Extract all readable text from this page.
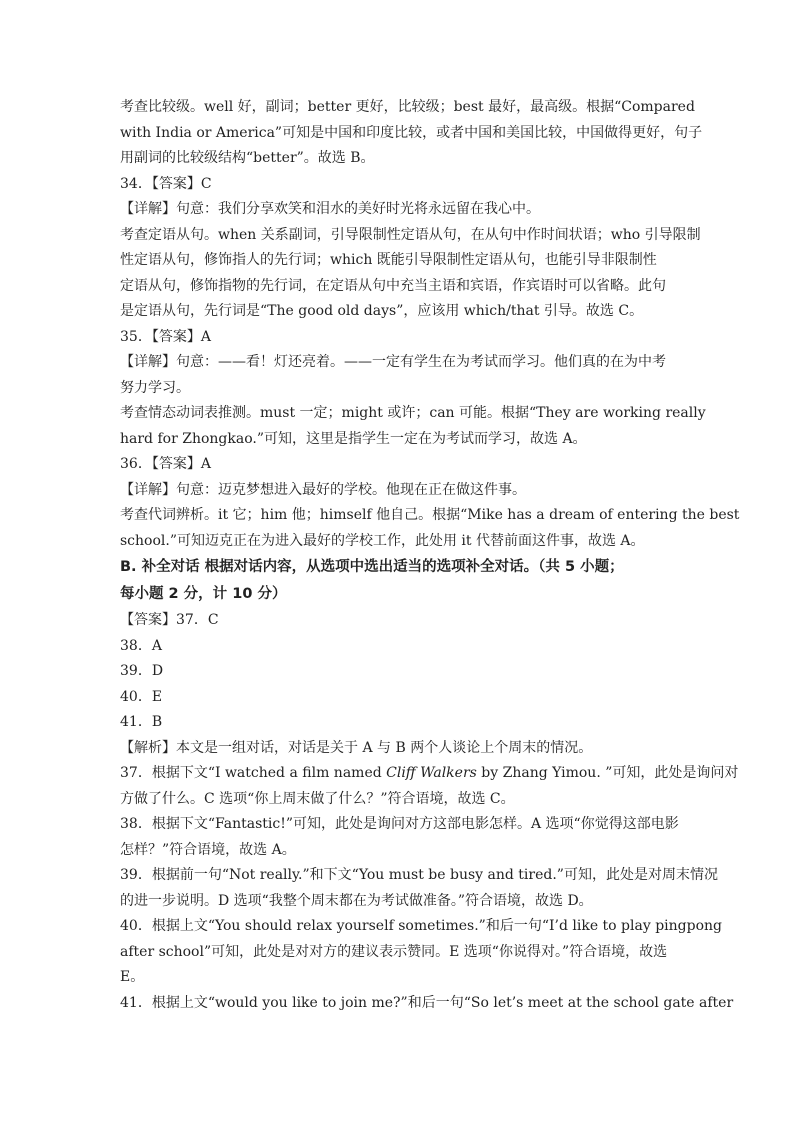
考查比较级。well 好，副词；better 更好，比较级；best 最好，最高级。根据“Compared
with India or America”可知是中国和印度比较，或者中国和美国比较，中国做得更好，句子
用副词的比较级结构“better”。故选 B。
34．【答案】C
【详解】句意：我们分享欢笑和泪水的美好时光将永远留在我心中。
考查定语从句。when 关系副词，引导限制性定语从句，在从句中作时间状语；who 引导限制
性定语从句，修饰指人的先行词；which 既能引导限制性定语从句，也能引导非限制性
定语从句，修饰指物的先行词，在定语从句中充当主语和宾语，作宾语时可以省略。此句
是定语从句，先行词是“The good old days”，应该用 which/that 引导。故选 C。
35．【答案】A
【详解】句意：——看！灯还亮着。——一定有学生在为考试而学习。他们真的在为中考
努力学习。
考查情态动词表推测。must 一定；might 或许；can 可能。根据“They are working really
hard for Zhongkao.”可知，这里是指学生一定在为考试而学习，故选 A。
36．【答案】A
【详解】句意：迈克梦想进入最好的学校。他现在正在做这件事。
考查代词辨析。it 它；him 他；himself 他自己。根据“Mike has a dream of entering the best
school.”可知迈克正在为进入最好的学校工作，此处用 it 代替前面这件事，故选 A。
B. 补全对话 根据对话内容，从选项中选出适当的选项补全对话。（共 5 小题；
每小题 2 分，计 10 分）
【答案】37．C
38．A
39．D
40．E
41．B
【解析】本文是一组对话，对话是关于 A 与 B 两个人谈论上个周末的情况。
37．根据下文“I watched a film named Cliff Walkers by Zhang Yimou. ”可知，此处是询问对
方做了什么。C 选项“你上周末做了什么？”符合语境，故选 C。
38．根据下文“Fantastic!”可知，此处是询问对方这部电影怎样。A 选项“你觉得这部电影
怎样？”符合语境，故选 A。
39．根据前一句“Not really.”和下文“You must be busy and tired.”可知，此处是对周末情况
的进一步说明。D 选项“我整个周末都在为考试做准备。”符合语境，故选 D。
40．根据上文“You should relax yourself sometimes.”和后一句“I’d like to play pingpong
after school”可知，此处是对对方的建议表示赞同。E 选项“你说得对。”符合语境，故选
E。
41．根据上文“would you like to join me?”和后一句“So let’s meet at the school gate after
